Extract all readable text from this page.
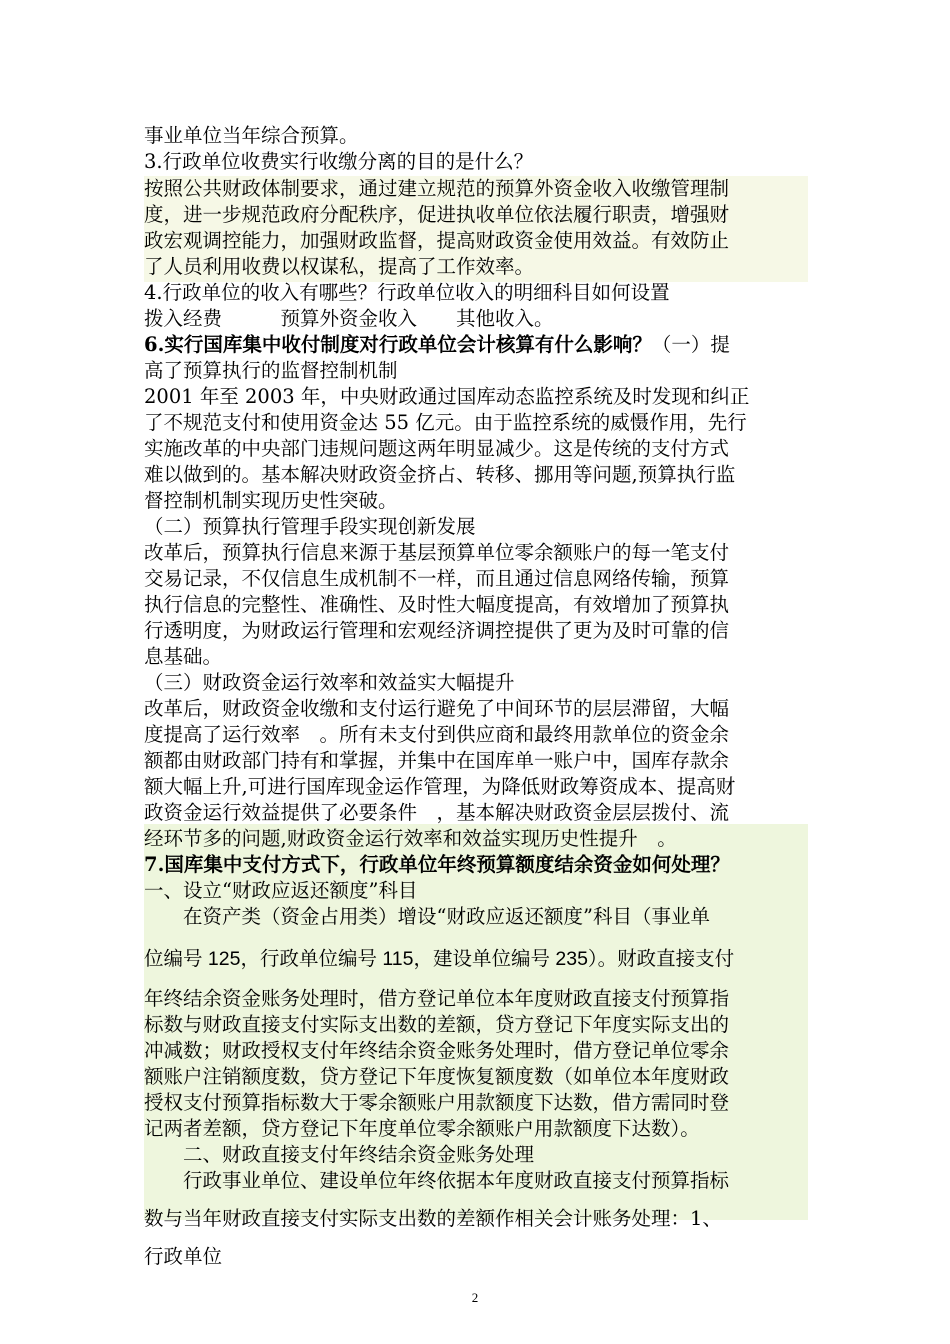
事业单位当年综合预算。
3.行政单位收费实行收缴分离的目的是什么？
按照公共财政体制要求，通过建立规范的预算外资金收入收缴管理制
度，进一步规范政府分配秩序，促进执收单位依法履行职责，增强财
政宏观调控能力，加强财政监督，提高财政资金使用效益。有效防止
了人员利用收费以权谋私，提高了工作效率。
4.行政单位的收入有哪些？行政单位收入的明细科目如何设置
拨入经费　　　预算外资金收入　　其他收入。
6.实行国库集中收付制度对行政单位会计核算有什么影响？（一）提
高了预算执行的监督控制机制
2001 年至 2003 年，中央财政通过国库动态监控系统及时发现和纠正
了不规范支付和使用资金达 55 亿元。由于监控系统的威慑作用，先行
实施改革的中央部门违规问题这两年明显减少。这是传统的支付方式
难以做到的。基本解决财政资金挤占、转移、挪用等问题,预算执行监
督控制机制实现历史性突破。
（二）预算执行管理手段实现创新发展
改革后，预算执行信息来源于基层预算单位零余额账户的每一笔支付
交易记录，不仅信息生成机制不一样，而且通过信息网络传输，预算
执行信息的完整性、准确性、及时性大幅度提高，有效增加了预算执
行透明度，为财政运行管理和宏观经济调控提供了更为及时可靠的信
息基础。
（三）财政资金运行效率和效益实大幅提升
改革后，财政资金收缴和支付运行避免了中间环节的层层滞留，大幅
度提高了运行效率　。所有未支付到供应商和最终用款单位的资金余
额都由财政部门持有和掌握，并集中在国库单一账户中，国库存款余
额大幅上升,可进行国库现金运作管理，为降低财政筹资成本、提高财
政资金运行效益提供了必要条件　，基本解决财政资金层层拨付、流
经环节多的问题,财政资金运行效率和效益实现历史性提升　。
7.国库集中支付方式下，行政单位年终预算额度结余资金如何处理？
一、设立“财政应返还额度”科目
　　在资产类（资金占用类）增设“财政应返还额度”科目（事业单
位编号 125，行政单位编号 115，建设单位编号 235）。财政直接支付
年终结余资金账务处理时，借方登记单位本年度财政直接支付预算指
标数与财政直接支付实际支出数的差额，贷方登记下年度实际支出的
冲减数；财政授权支付年终结余资金账务处理时，借方登记单位零余
额账户注销额度数，贷方登记下年度恢复额度数（如单位本年度财政
授权支付预算指标数大于零余额账户用款额度下达数，借方需同时登
记两者差额，贷方登记下年度单位零余额账户用款额度下达数）。
　　二、财政直接支付年终结余资金账务处理
　　行政事业单位、建设单位年终依据本年度财政直接支付预算指标
数与当年财政直接支付实际支出数的差额作相关会计账务处理：1、
行政单位
2
